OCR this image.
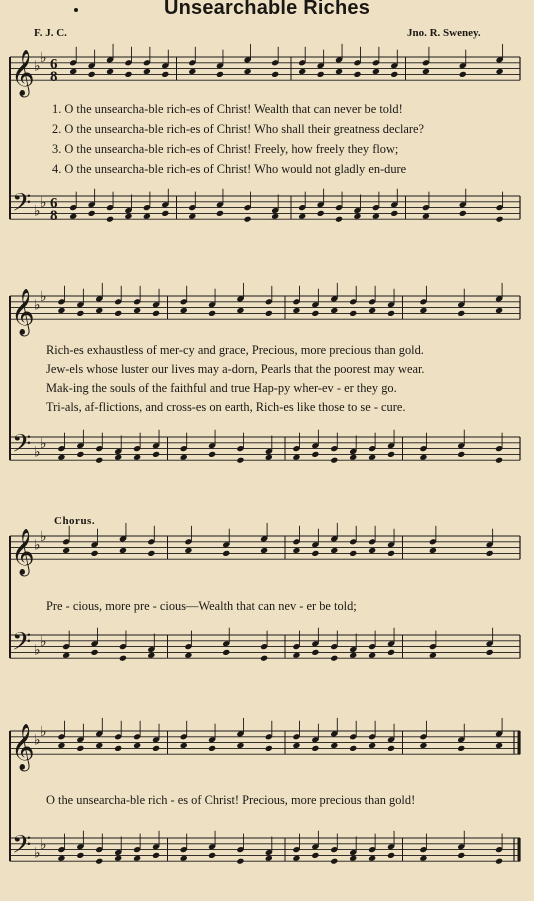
Unsearchable Riches
F. J. C.	Jno. R. Sweney.
𝄞
𝄢
♭
♭
♭
♭
6
8
6
8
𝄞
𝄢
♭
♭
♭
♭
𝄞
𝄢
♭
♭
♭
♭
𝄞
𝄢
♭
♭
♭
♭
1. O the unsearcha-ble rich-es of Christ! Wealth that can never be told!
2. O the unsearcha-ble rich-es of Christ! Who shall their greatness declare?
3. O the unsearcha-ble rich-es of Christ! Freely, how freely they flow;
4. O the unsearcha-ble rich-es of Christ! Who would not gladly en-dure
Rich-es exhaustless of mer-cy and grace, Precious, more precious than gold.
Jew-els whose luster our lives may a-dorn, Pearls that the poorest may wear.
Mak-ing the souls of the faithful and true Hap-py wher-ev - er they go.
Tri-als, af-flictions, and cross-es on earth, Rich-es like those to se - cure.
Chorus.
Pre - cious, more pre - cious—Wealth that can nev - er be told;
O the unsearcha-ble rich - es of Christ! Precious, more precious than gold!
